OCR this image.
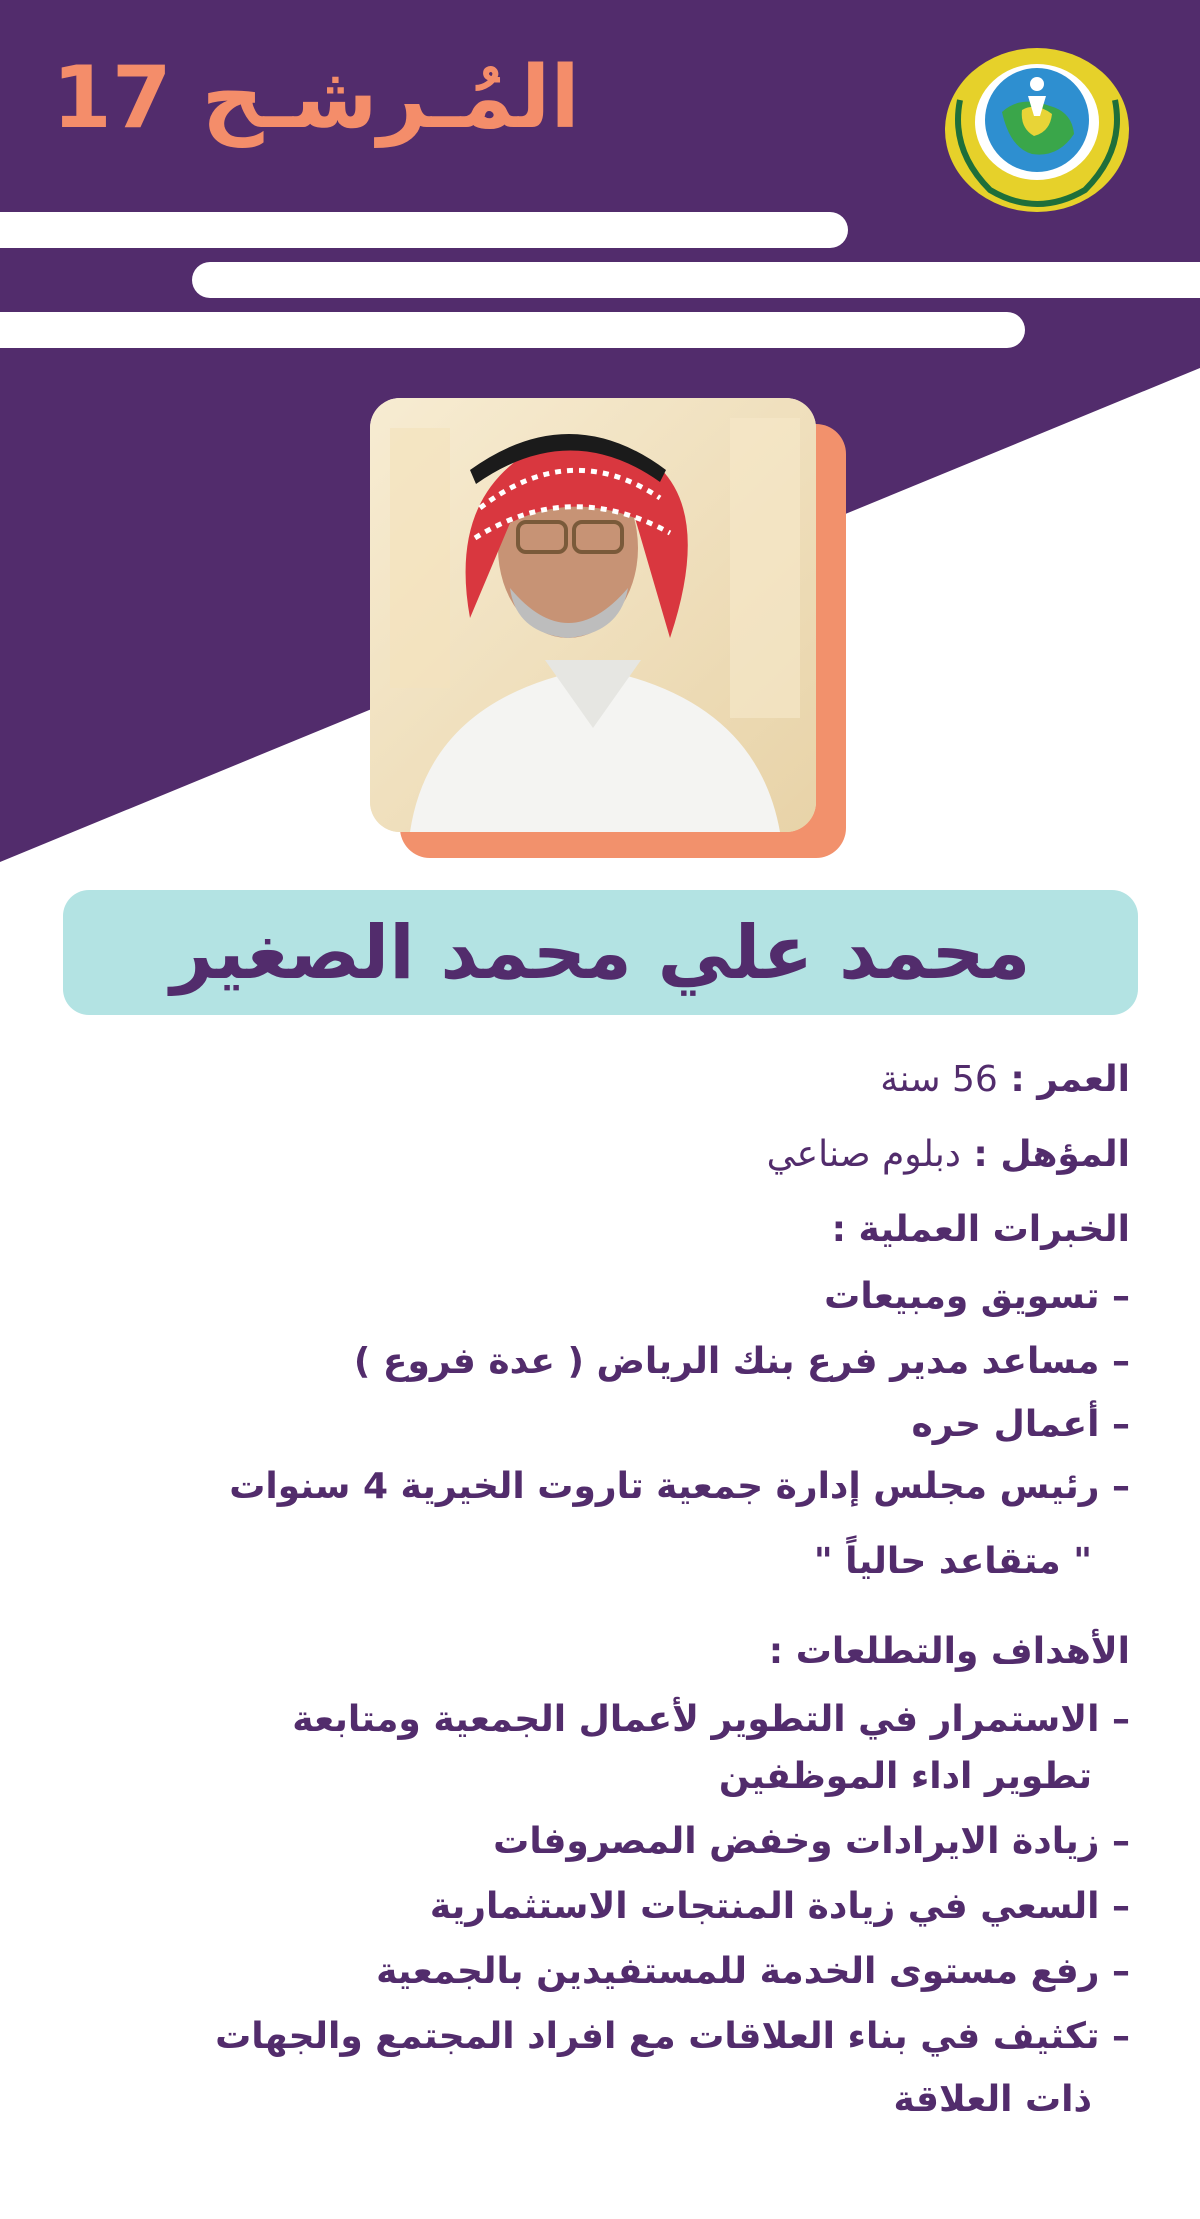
المُـرشـح 17
محمد علي محمد الصغير
العمر : 56 سنة
المؤهل : دبلوم صناعي
الخبرات العملية :
– تسويق ومبيعات
– مساعد مدير فرع بنك الرياض ( عدة فروع )
– أعمال حره
– رئيس مجلس إدارة جمعية تاروت الخيرية 4 سنوات
" متقاعد حالياً "
الأهداف والتطلعات :
– الاستمرار في التطوير لأعمال الجمعية ومتابعة
تطوير اداء الموظفين
– زيادة الايرادات وخفض المصروفات
– السعي في زيادة المنتجات الاستثمارية
– رفع مستوى الخدمة للمستفيدين بالجمعية
– تكثيف في بناء العلاقات مع افراد المجتمع والجهات
ذات العلاقة
